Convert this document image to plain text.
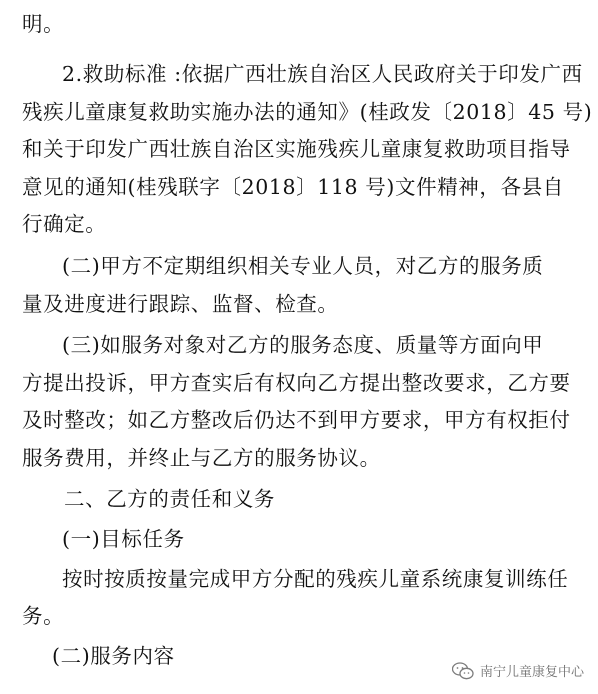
明。
2.救助标准 :依据广西壮族自治区人民政府关于印发广西
残疾儿童康复救助实施办法的通知》(桂政发〔2018〕45 号)
和关于印发广西壮族自治区实施残疾儿童康复救助项目指导
意见的通知(桂残联字〔2018〕118 号)文件精神，各县自
行确定。
(二)甲方不定期组织相关专业人员，对乙方的服务质
量及进度进行跟踪、监督、检查。
(三)如服务对象对乙方的服务态度、质量等方面向甲
方提出投诉，甲方查实后有权向乙方提出整改要求，乙方要
及时整改；如乙方整改后仍达不到甲方要求，甲方有权拒付
服务费用，并终止与乙方的服务协议。
二、乙方的责任和义务
(一)目标任务
按时按质按量完成甲方分配的残疾儿童系统康复训练任
务。
(二)服务内容
南宁儿童康复中心
